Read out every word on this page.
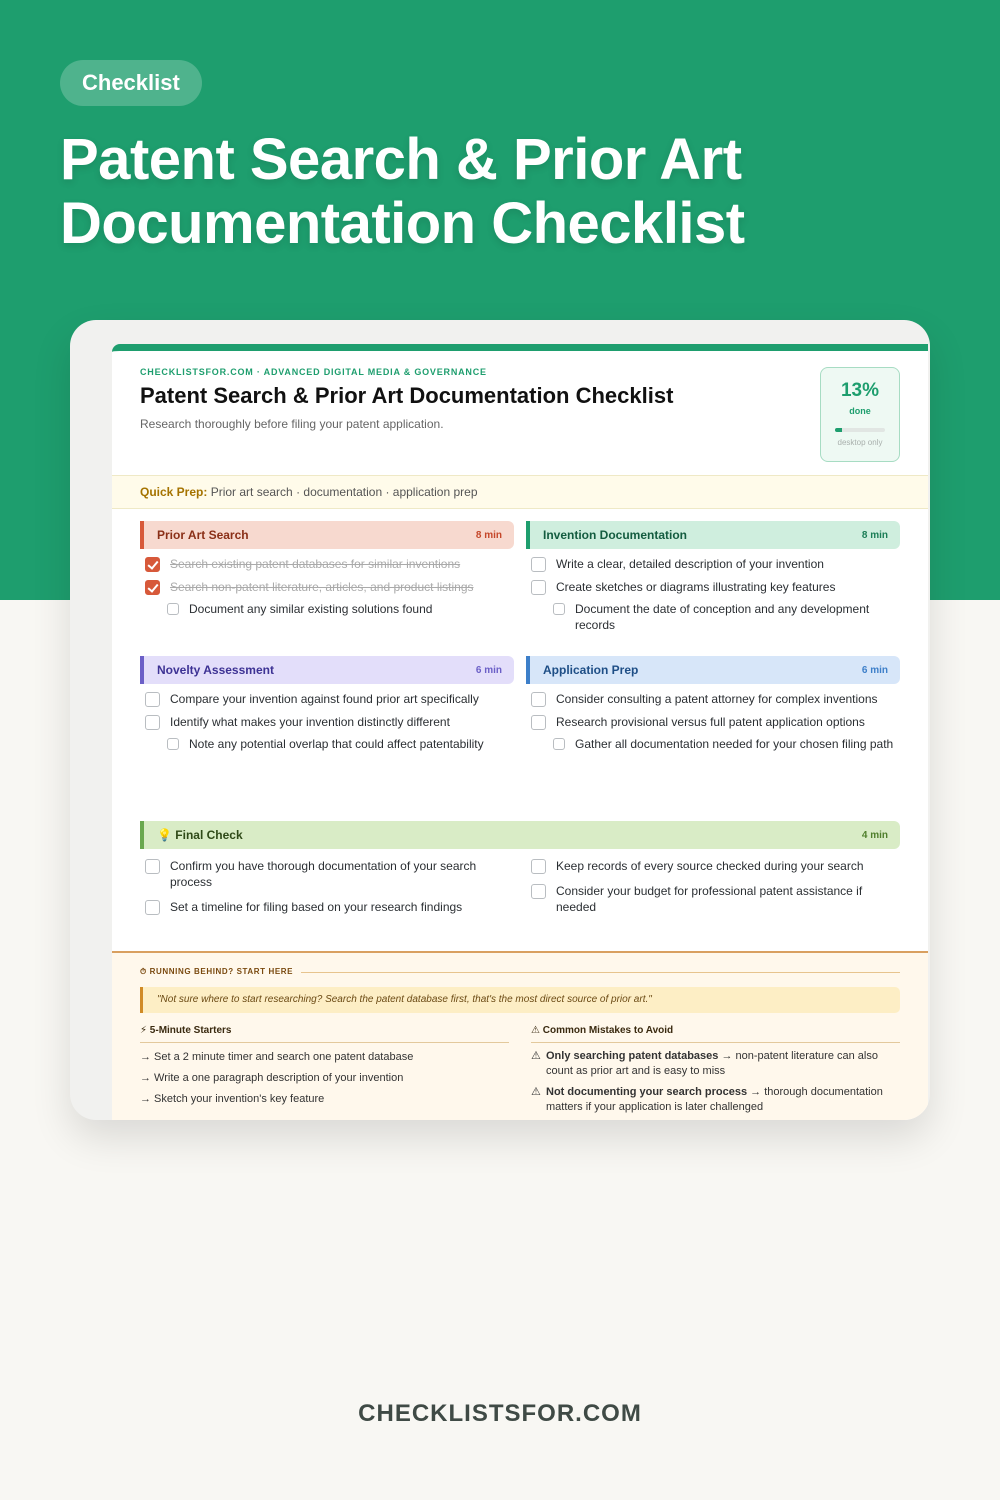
Checklist
Patent Search & Prior Art Documentation Checklist
CHECKLISTSFOR.COM · ADVANCED DIGITAL MEDIA & GOVERNANCE
Patent Search & Prior Art Documentation Checklist
Research thoroughly before filing your patent application.
13%
done
desktop only
Quick Prep: Prior art search · documentation · application prep
Prior Art Search	8 min
Search existing patent databases for similar inventions
Search non-patent literature, articles, and product listings
Document any similar existing solutions found
Invention Documentation	8 min
Write a clear, detailed description of your invention
Create sketches or diagrams illustrating key features
Document the date of conception and any development records
Novelty Assessment	6 min
Compare your invention against found prior art specifically
Identify what makes your invention distinctly different
Note any potential overlap that could affect patentability
Application Prep	6 min
Consider consulting a patent attorney for complex inventions
Research provisional versus full patent application options
Gather all documentation needed for your chosen filing path
💡 Final Check	4 min
Confirm you have thorough documentation of your search process
Set a timeline for filing based on your research findings
Keep records of every source checked during your search
Consider your budget for professional patent assistance if needed
⏱ RUNNING BEHIND? START HERE
"Not sure where to start researching? Search the patent database first, that's the most direct source of prior art."
⚡ 5-Minute Starters
→ Set a 2 minute timer and search one patent database
→ Write a one paragraph description of your invention
→ Sketch your invention's key feature
⚠ Common Mistakes to Avoid
⚠ Only searching patent databases → non-patent literature can also count as prior art and is easy to miss
⚠ Not documenting your search process → thorough documentation matters if your application is later challenged
CHECKLISTSFOR.COM
